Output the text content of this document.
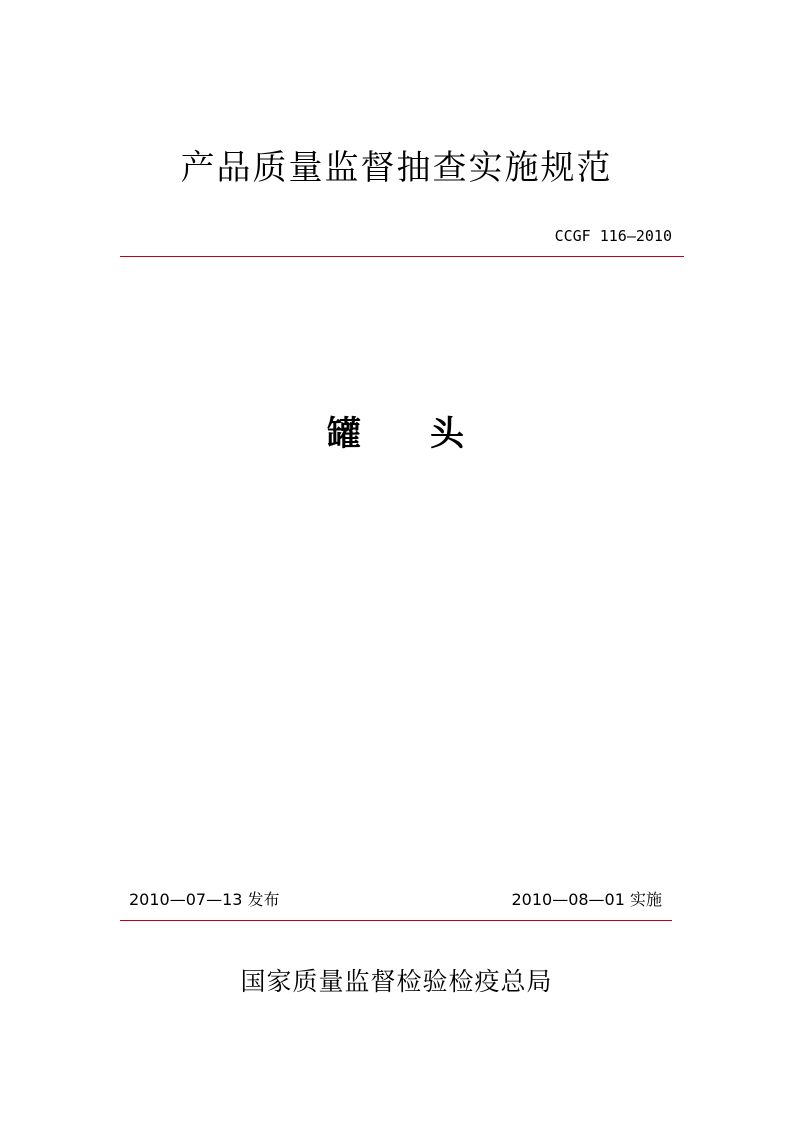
产品质量监督抽查实施规范
CCGF 116—2010
罐 头
2010—07—13 发布	2010—08—01 实施
国家质量监督检验检疫总局
